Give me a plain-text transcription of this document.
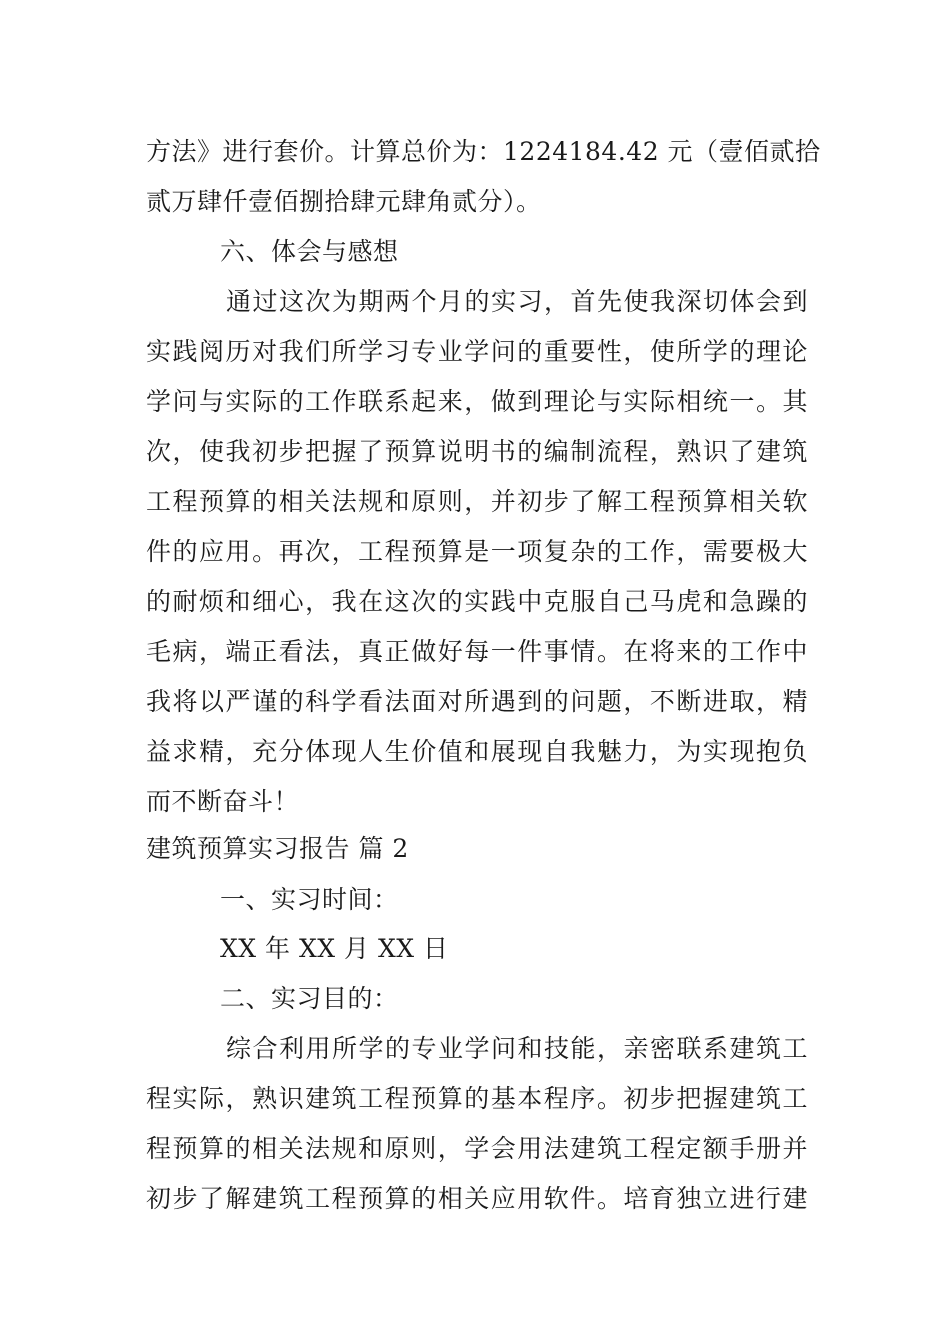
方法》进行套价。计算总价为：1224184.42 元（壹佰贰拾
贰万肆仟壹佰捌拾肆元肆角贰分）。
六、体会与感想
通过这次为期两个月的实习，首先使我深切体会到
实践阅历对我们所学习专业学问的重要性，使所学的理论
学问与实际的工作联系起来，做到理论与实际相统一。其
次，使我初步把握了预算说明书的编制流程，熟识了建筑
工程预算的相关法规和原则，并初步了解工程预算相关软
件的应用。再次，工程预算是一项复杂的工作，需要极大
的耐烦和细心，我在这次的实践中克服自己马虎和急躁的
毛病，端正看法，真正做好每一件事情。在将来的工作中
我将以严谨的科学看法面对所遇到的问题，不断进取，精
益求精，充分体现人生价值和展现自我魅力，为实现抱负
而不断奋斗！
建筑预算实习报告 篇 2
一、实习时间：
XX 年 XX 月 XX 日
二、实习目的：
综合利用所学的专业学问和技能，亲密联系建筑工
程实际，熟识建筑工程预算的基本程序。初步把握建筑工
程预算的相关法规和原则，学会用法建筑工程定额手册并
初步了解建筑工程预算的相关应用软件。培育独立进行建
